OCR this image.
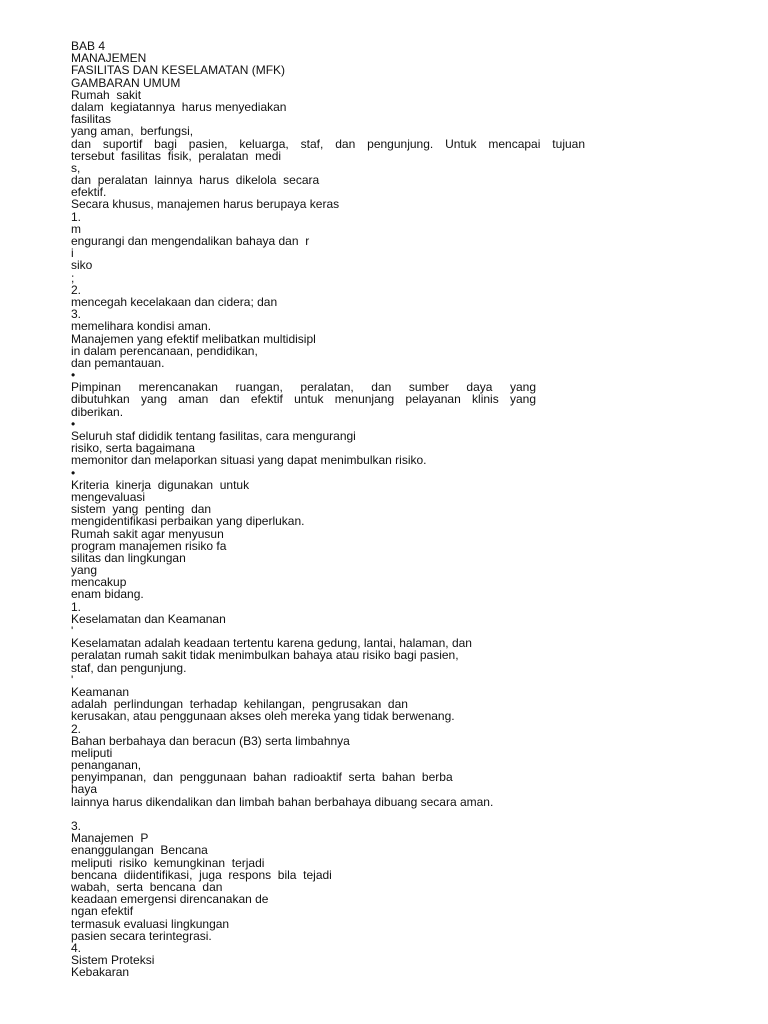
BAB 4
MANAJEMEN
FASILITAS DAN KESELAMATAN (MFK)
GAMBARAN UMUM
Rumah  sakit
dalam  kegiatannya  harus menyediakan
fasilitas
yang aman,  berfungsi,
dan suportif bagi pasien, keluarga, staf, dan pengunjung. Untuk mencapai tujuan
tersebut  fasilitas  fisik,  peralatan  medi
s,
dan  peralatan  lainnya  harus  dikelola  secara
efektif.
Secara khusus, manajemen harus berupaya keras
1.
m
engurangi dan mengendalikan bahaya dan  r
i
siko
;
2.
mencegah kecelakaan dan cidera; dan
3.
memelihara kondisi aman.
Manajemen yang efektif melibatkan multidisipl
in dalam perencanaan, pendidikan,
dan pemantauan.
•
Pimpinan merencanakan ruangan, peralatan, dan sumber daya yang
dibutuhkan yang aman dan efektif untuk menunjang pelayanan klinis yang
diberikan.
•
Seluruh staf dididik tentang fasilitas, cara mengurangi
risiko, serta bagaimana
memonitor dan melaporkan situasi yang dapat menimbulkan risiko.
•
Kriteria  kinerja  digunakan  untuk
mengevaluasi
sistem  yang  penting  dan
mengidentifikasi perbaikan yang diperlukan.
Rumah sakit agar menyusun
program manajemen risiko fa
silitas dan lingkungan
yang
mencakup
enam bidang.
1.
Keselamatan dan Keamanan
'
Keselamatan adalah keadaan tertentu karena gedung, lantai, halaman, dan
peralatan rumah sakit tidak menimbulkan bahaya atau risiko bagi pasien,
staf, dan pengunjung.
'
Keamanan
adalah  perlindungan  terhadap  kehilangan,  pengrusakan  dan
kerusakan, atau penggunaan akses oleh mereka yang tidak berwenang.
2.
Bahan berbahaya dan beracun (B3) serta limbahnya
meliputi
penanganan,
penyimpanan,  dan  penggunaan  bahan  radioaktif  serta  bahan  berba
haya
lainnya harus dikendalikan dan limbah bahan berbahaya dibuang secara aman.
3.
Manajemen  P
enanggulangan  Bencana
meliputi  risiko  kemungkinan  terjadi
bencana  diidentifikasi,  juga  respons  bila  tejadi
wabah,  serta  bencana  dan
keadaan emergensi direncanakan de
ngan efektif
termasuk evaluasi lingkungan
pasien secara terintegrasi.
4.
Sistem Proteksi
Kebakaran
